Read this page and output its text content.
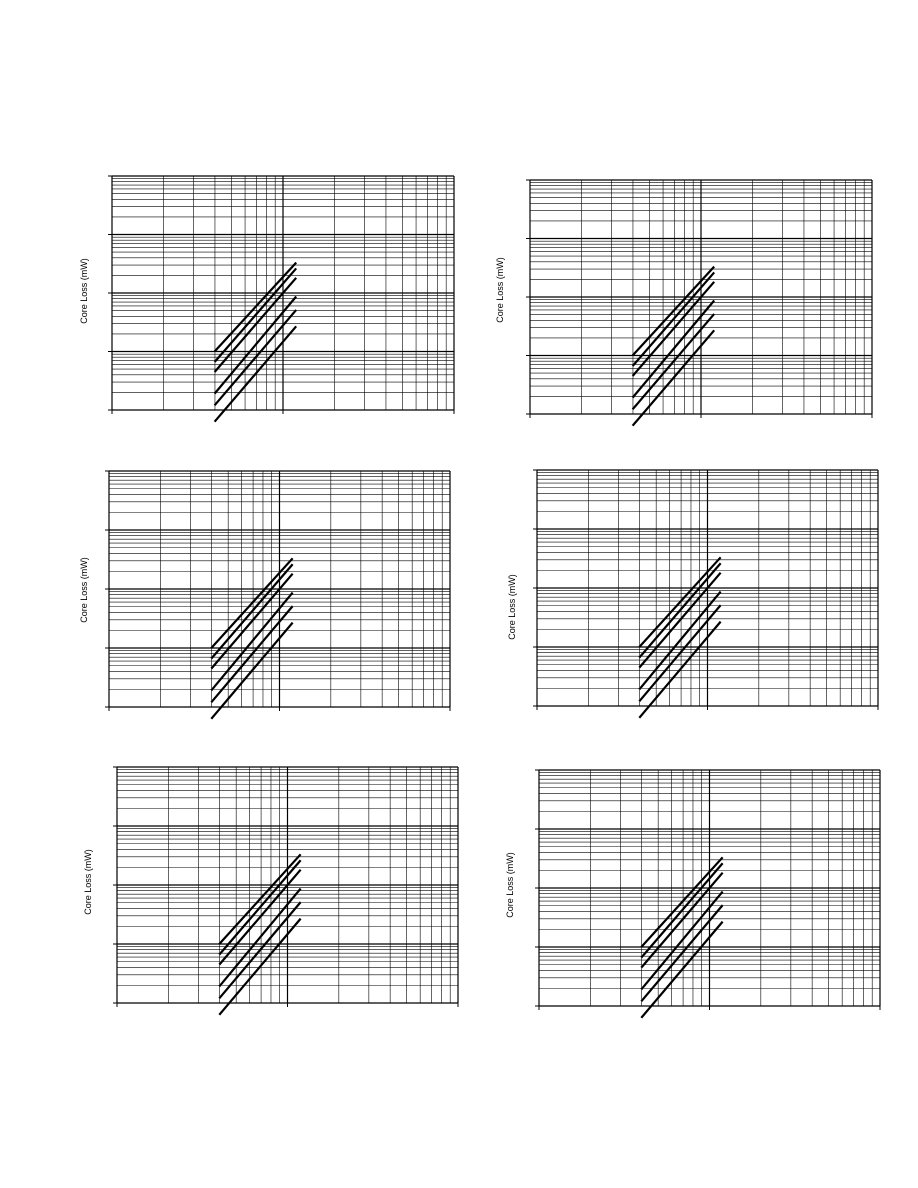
Core Loss (mW)	Core Loss (mW)
Core Loss (mW)	Core Loss (mW)
Core Loss (mW)	Core Loss (mW)
